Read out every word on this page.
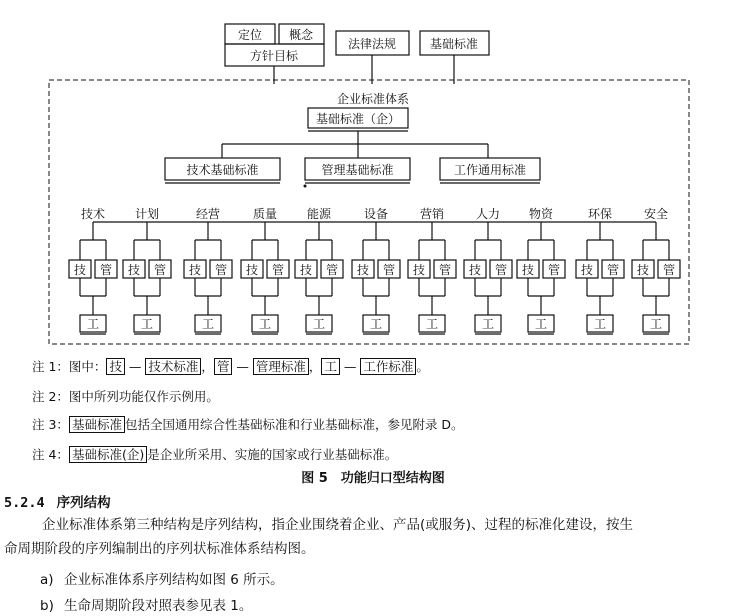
定位 概念
方针目标
法律法规	基础标准
企业标准体系
基础标准（企）
技术基础标准	管理基础标准	工作通用标准
技术
技 管
工
计划
技 管
工
经营
技 管
工
质量
技 管
工
能源
技 管
工
设备
技 管
工
营销
技 管
工
人力
技 管
工
物资
技 管
工
环保
技 管
工
安全
技 管
工
注 1：图中： 技 — 技术标准 ， 管 — 管理标准 ， 工 — 工作标准 。
注 2：图中所列功能仅作示例用。
注 3： 基础标准 包括全国通用综合性基础标准和行业基础标准，参见附录 D。
注 4： 基础标准(企) 是企业所采用、实施的国家或行业基础标准。
图 5　功能归口型结构图
5.2.4 序列结构
企业标准体系第三种结构是序列结构，指企业围绕着企业、产品(或服务)、过程的标准化建设，按生
命周期阶段的序列编制出的序列状标准体系结构图。
a) 企业标准体系序列结构如图 6 所示。
b) 生命周期阶段对照表参见表 1。
